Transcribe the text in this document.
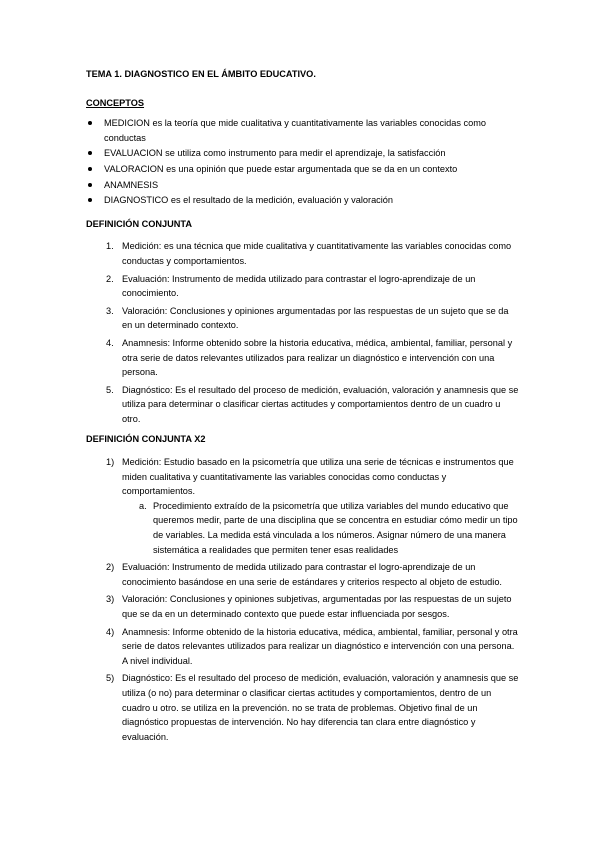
TEMA 1. DIAGNOSTICO EN EL ÁMBITO EDUCATIVO.
CONCEPTOS
MEDICION es la teoría que mide cualitativa y cuantitativamente las variables conocidas como conductas
EVALUACION se utiliza como instrumento para medir el aprendizaje, la satisfacción
VALORACION es una opinión que puede estar argumentada que se da en un contexto
ANAMNESIS
DIAGNOSTICO es el resultado de la medición, evaluación y valoración
DEFINICIÓN CONJUNTA
1. Medición: es una técnica que mide cualitativa y cuantitativamente las variables conocidas como conductas y comportamientos.
2. Evaluación: Instrumento de medida utilizado para contrastar el logro-aprendizaje de un conocimiento.
3. Valoración: Conclusiones y opiniones argumentadas por las respuestas de un sujeto que se da en un determinado contexto.
4. Anamnesis: Informe obtenido sobre la historia educativa, médica, ambiental, familiar, personal y otra serie de datos relevantes utilizados para realizar un diagnóstico e intervención con una persona.
5. Diagnóstico: Es el resultado del proceso de medición, evaluación, valoración y anamnesis que se utiliza para determinar o clasificar ciertas actitudes y comportamientos dentro de un cuadro u otro.
DEFINICIÓN CONJUNTA X2
1) Medición: Estudio basado en la psicometría que utiliza una serie de técnicas e instrumentos que miden cualitativa y cuantitativamente las variables conocidas como conductas y comportamientos.
a. Procedimiento extraído de la psicometría que utiliza variables del mundo educativo que queremos medir, parte de una disciplina que se concentra en estudiar cómo medir un tipo de variables. La medida está vinculada a los números. Asignar número de una manera sistemática a realidades que permiten tener esas realidades
2) Evaluación: Instrumento de medida utilizado para contrastar el logro-aprendizaje de un conocimiento basándose en una serie de estándares y criterios respecto al objeto de estudio.
3) Valoración: Conclusiones y opiniones subjetivas, argumentadas por las respuestas de un sujeto que se da en un determinado contexto que puede estar influenciada por sesgos.
4) Anamnesis: Informe obtenido de la historia educativa, médica, ambiental, familiar, personal y otra serie de datos relevantes utilizados para realizar un diagnóstico e intervención con una persona. A nivel individual.
5) Diagnóstico: Es el resultado del proceso de medición, evaluación, valoración y anamnesis que se utiliza (o no) para determinar o clasificar ciertas actitudes y comportamientos, dentro de un cuadro u otro. se utiliza en la prevención. no se trata de problemas. Objetivo final de un diagnóstico propuestas de intervención. No hay diferencia tan clara entre diagnóstico y evaluación.
